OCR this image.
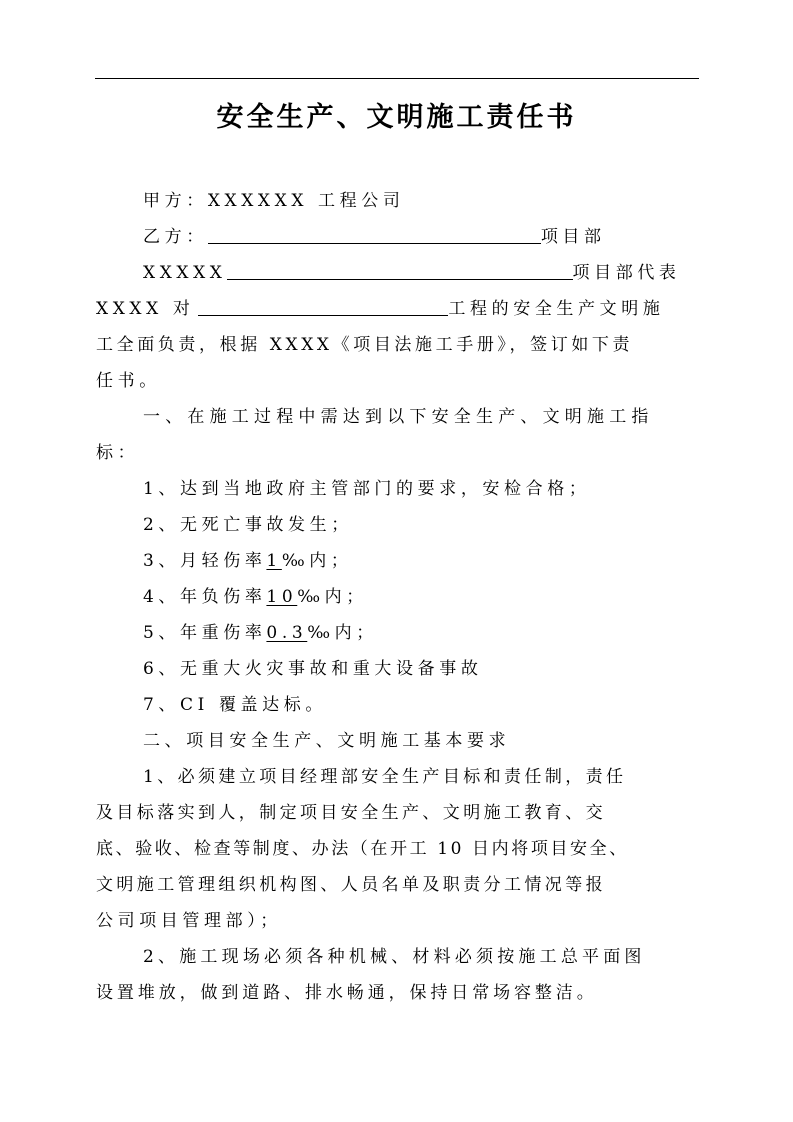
安全生产、文明施工责任书
甲方：XXXXXX 工程公司
乙方：	项目部
XXXXX	项目部代表
XXXX 对	工程的安全生产文明施
工全面负责，根据 XXXX《项目法施工手册》，签订如下责
任书。
一、在施工过程中需达到以下安全生产、文明施工指
标：
1、达到当地政府主管部门的要求，安检合格；
2、无死亡事故发生；
3、月轻伤率1‰内；
4、年负伤率10‰内；
5、年重伤率0.3‰内；
6、无重大火灾事故和重大设备事故
7、CI 覆盖达标。
二、项目安全生产、文明施工基本要求
1、必须建立项目经理部安全生产目标和责任制，责任
及目标落实到人，制定项目安全生产、文明施工教育、交
底、验收、检查等制度、办法（在开工 10 日内将项目安全、
文明施工管理组织机构图、人员名单及职责分工情况等报
公司项目管理部）；
2、施工现场必须各种机械、材料必须按施工总平面图
设置堆放，做到道路、排水畅通，保持日常场容整洁。
